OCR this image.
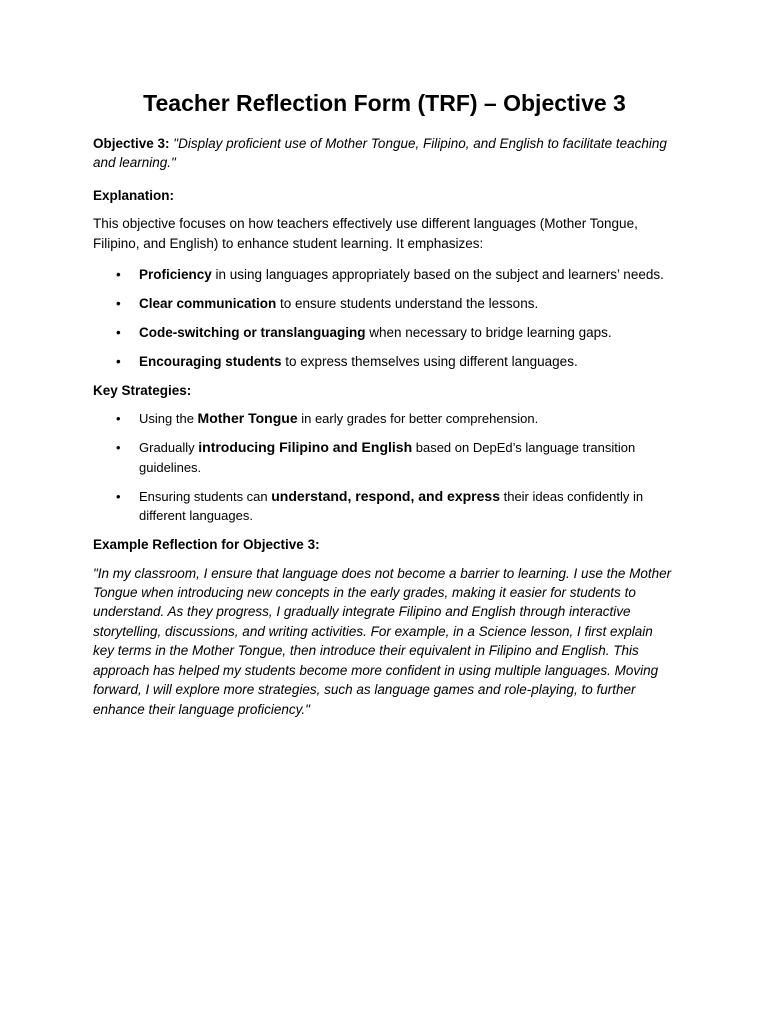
Teacher Reflection Form (TRF) – Objective 3

Objective 3: "Display proficient use of Mother Tongue, Filipino, and English to facilitate teaching and learning."

Explanation:

This objective focuses on how teachers effectively use different languages (Mother Tongue, Filipino, and English) to enhance student learning. It emphasizes:

• Proficiency in using languages appropriately based on the subject and learners’ needs.
• Clear communication to ensure students understand the lessons.
• Code-switching or translanguaging when necessary to bridge learning gaps.
• Encouraging students to express themselves using different languages.
Key Strategies:
• Using the Mother Tongue in early grades for better comprehension.
• Gradually introducing Filipino and English based on DepEd’s language transition guidelines.
• Ensuring students can understand, respond, and express their ideas confidently in different languages.
Example Reflection for Objective 3:

"In my classroom, I ensure that language does not become a barrier to learning. I use the Mother Tongue when introducing new concepts in the early grades, making it easier for students to understand. As they progress, I gradually integrate Filipino and English through interactive storytelling, discussions, and writing activities. For example, in a Science lesson, I first explain key terms in the Mother Tongue, then introduce their equivalent in Filipino and English. This approach has helped my students become more confident in using multiple languages. Moving forward, I will explore more strategies, such as language games and role-playing, to further enhance their language proficiency."
